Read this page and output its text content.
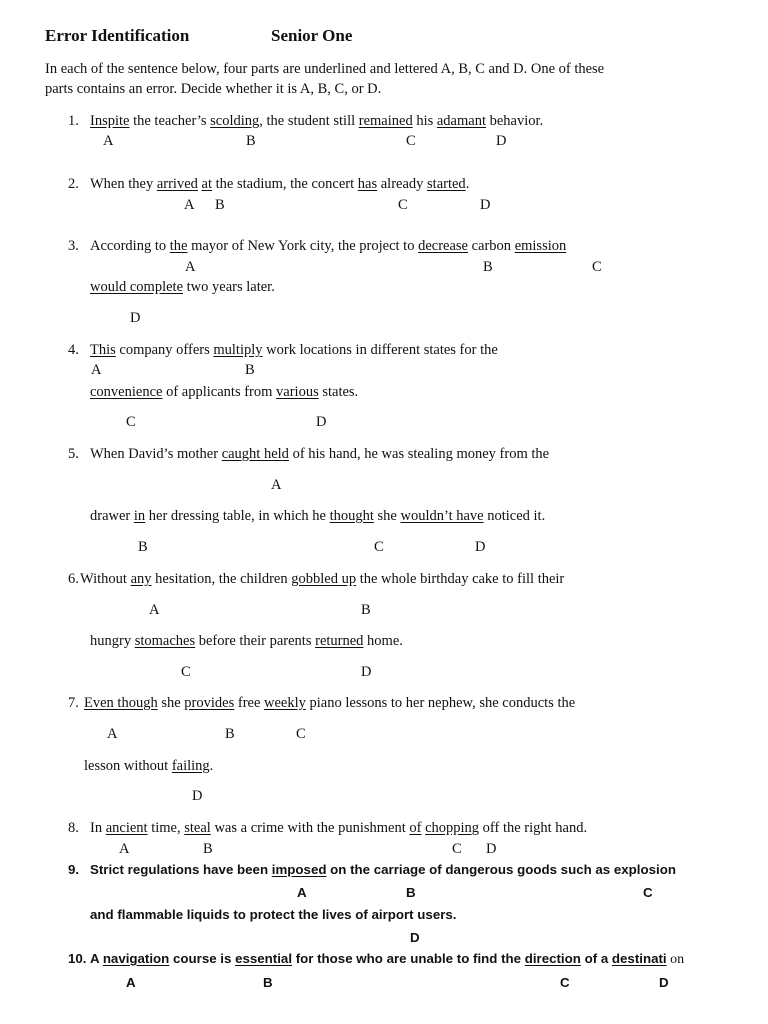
Error Identification	Senior One
In each of the sentence below, four parts are underlined and lettered A, B, C and D. One of these
parts contains an error. Decide whether it is A, B, C, or D.
1. Inspite the teacher’s scolding, the student still remained his adamant behavior.
A	B	C	D
2. When they arrived at the stadium, the concert has already started.
A B	C	D
3. According to the mayor of New York city, the project to decrease carbon emission
A	B	C
would complete two years later.
D
4. This company offers multiply work locations in different states for the
A	B
convenience of applicants from various states.
C	D
5. When David’s mother caught held of his hand, he was stealing money from the
A
drawer in her dressing table, in which he thought she wouldn’t have noticed it.
B	C	D
6. Without any hesitation, the children gobbled up the whole birthday cake to fill their
A	B
hungry stomaches before their parents returned home.
C	D
7. Even though she provides free weekly piano lessons to her nephew, she conducts the
A	B	C
lesson without failing.
D
8. In ancient time, steal was a crime with the punishment of chopping off the right hand.
A	B	C D
9. Strict regulations have been imposed on the carriage of dangerous goods such as explosion
A	B	C
and flammable liquids to protect the lives of airport users.
D
10. A navigation course is essential for those who are unable to find the direction of a destinati on
A	B	C	D
